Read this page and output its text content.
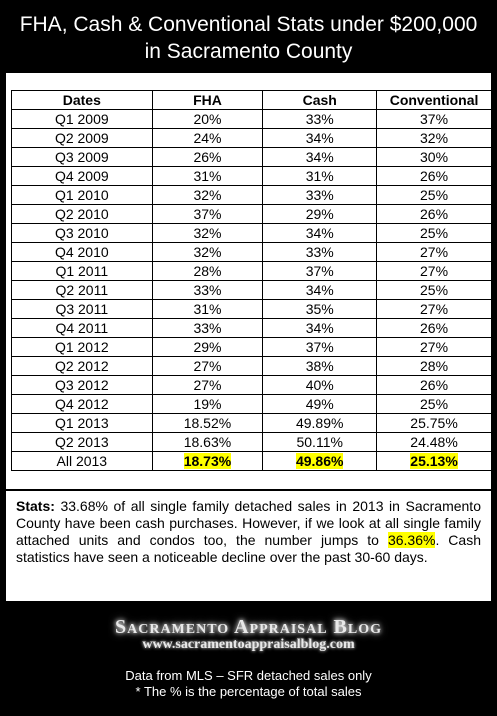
FHA, Cash & Conventional Stats under $200,000
in Sacramento County
Dates	FHA	Cash	Conventional
Q1 2009	20%	33%	37%
Q2 2009	24%	34%	32%
Q3 2009	26%	34%	30%
Q4 2009	31%	31%	26%
Q1 2010	32%	33%	25%
Q2 2010	37%	29%	26%
Q3 2010	32%	34%	25%
Q4 2010	32%	33%	27%
Q1 2011	28%	37%	27%
Q2 2011	33%	34%	25%
Q3 2011	31%	35%	27%
Q4 2011	33%	34%	26%
Q1 2012	29%	37%	27%
Q2 2012	27%	38%	28%
Q3 2012	27%	40%	26%
Q4 2012	19%	49%	25%
Q1 2013	18.52%	49.89%	25.75%
Q2 2013	18.63%	50.11%	24.48%
All 2013	18.73%	49.86%	25.13%

Stats: 33.68% of all single family detached sales in 2013 in Sacramento County have been cash purchases. However, if we look at all single family attached units and condos too, the number jumps to 36.36%. Cash statistics have seen a noticeable decline over the past 30-60 days.

Sacramento Appraisal Blog
www.sacramentoappraisalblog.com
Data from MLS – SFR detached sales only
* The % is the percentage of total sales
